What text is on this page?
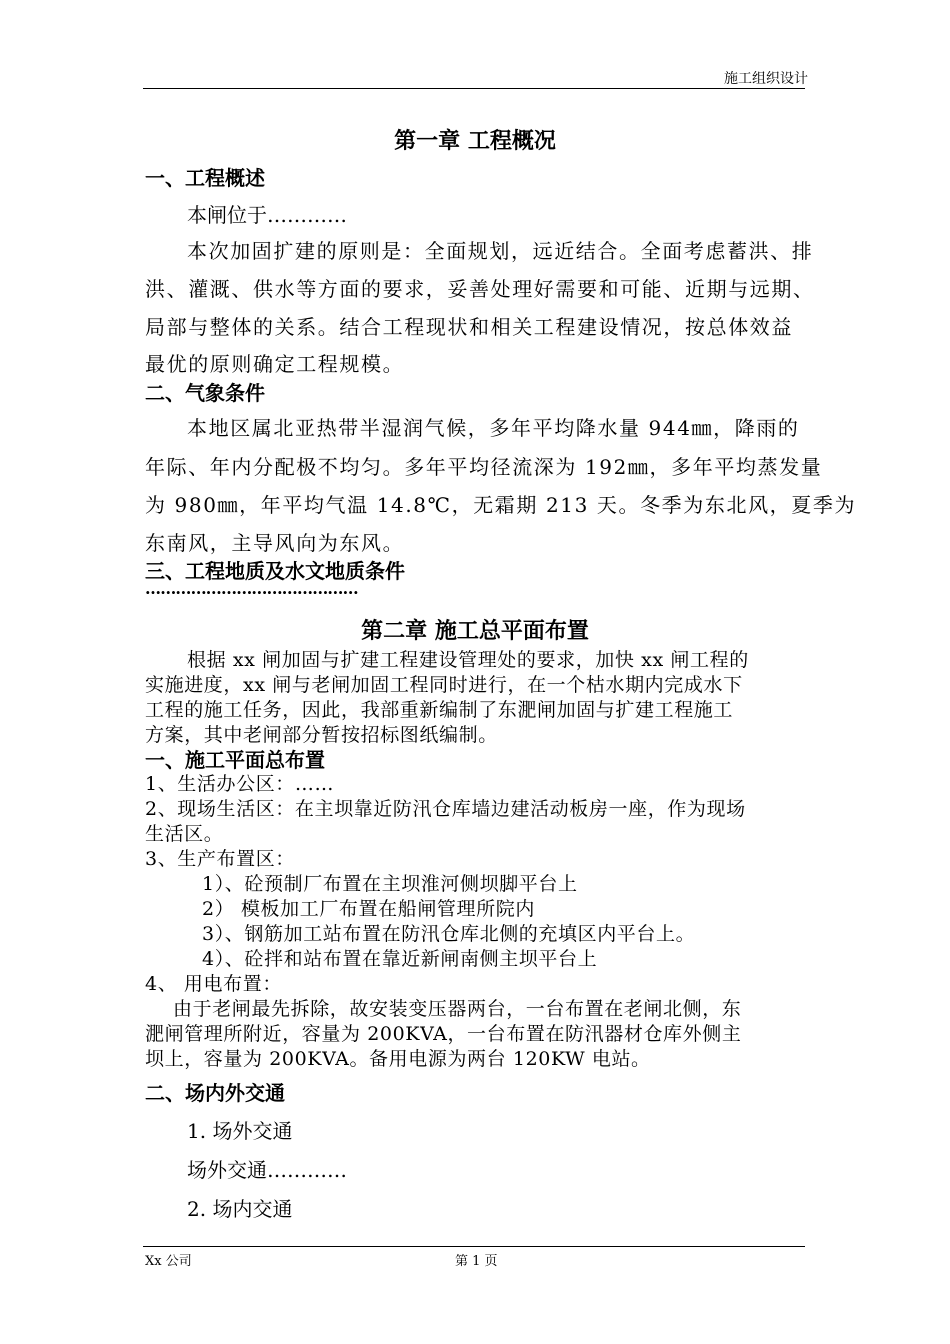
施工组织设计
第一章 工程概况
一、工程概述
本闸位于…………
本次加固扩建的原则是：全面规划，远近结合。全面考虑蓄洪、排
洪、灌溉、供水等方面的要求，妥善处理好需要和可能、近期与远期、
局部与整体的关系。结合工程现状和相关工程建设情况，按总体效益
最优的原则确定工程规模。
二、气象条件
本地区属北亚热带半湿润气候，多年平均降水量 944㎜，降雨的
年际、年内分配极不均匀。多年平均径流深为 192㎜，多年平均蒸发量
为 980㎜，年平均气温 14.8℃，无霜期 213 天。冬季为东北风，夏季为
东南风，主导风向为东风。
三、工程地质及水文地质条件
……………………………………
第二章 施工总平面布置
根据 xx 闸加固与扩建工程建设管理处的要求，加快 xx 闸工程的
实施进度，xx 闸与老闸加固工程同时进行，在一个枯水期内完成水下
工程的施工任务，因此，我部重新编制了东淝闸加固与扩建工程施工
方案，其中老闸部分暂按招标图纸编制。
一、施工平面总布置
1、生活办公区：……
2、现场生活区：在主坝靠近防汛仓库墙边建活动板房一座，作为现场
生活区。
3、生产布置区：
1）、砼预制厂布置在主坝淮河侧坝脚平台上
2） 模板加工厂布置在船闸管理所院内
3）、钢筋加工站布置在防汛仓库北侧的充填区内平台上。
4）、砼拌和站布置在靠近新闸南侧主坝平台上
4、 用电布置：
由于老闸最先拆除，故安装变压器两台，一台布置在老闸北侧，东
淝闸管理所附近，容量为 200KVA，一台布置在防汛器材仓库外侧主
坝上，容量为 200KVA。备用电源为两台 120KW 电站。
二、场内外交通
1. 场外交通
场外交通…………
2. 场内交通
Xx 公司	第 1 页
